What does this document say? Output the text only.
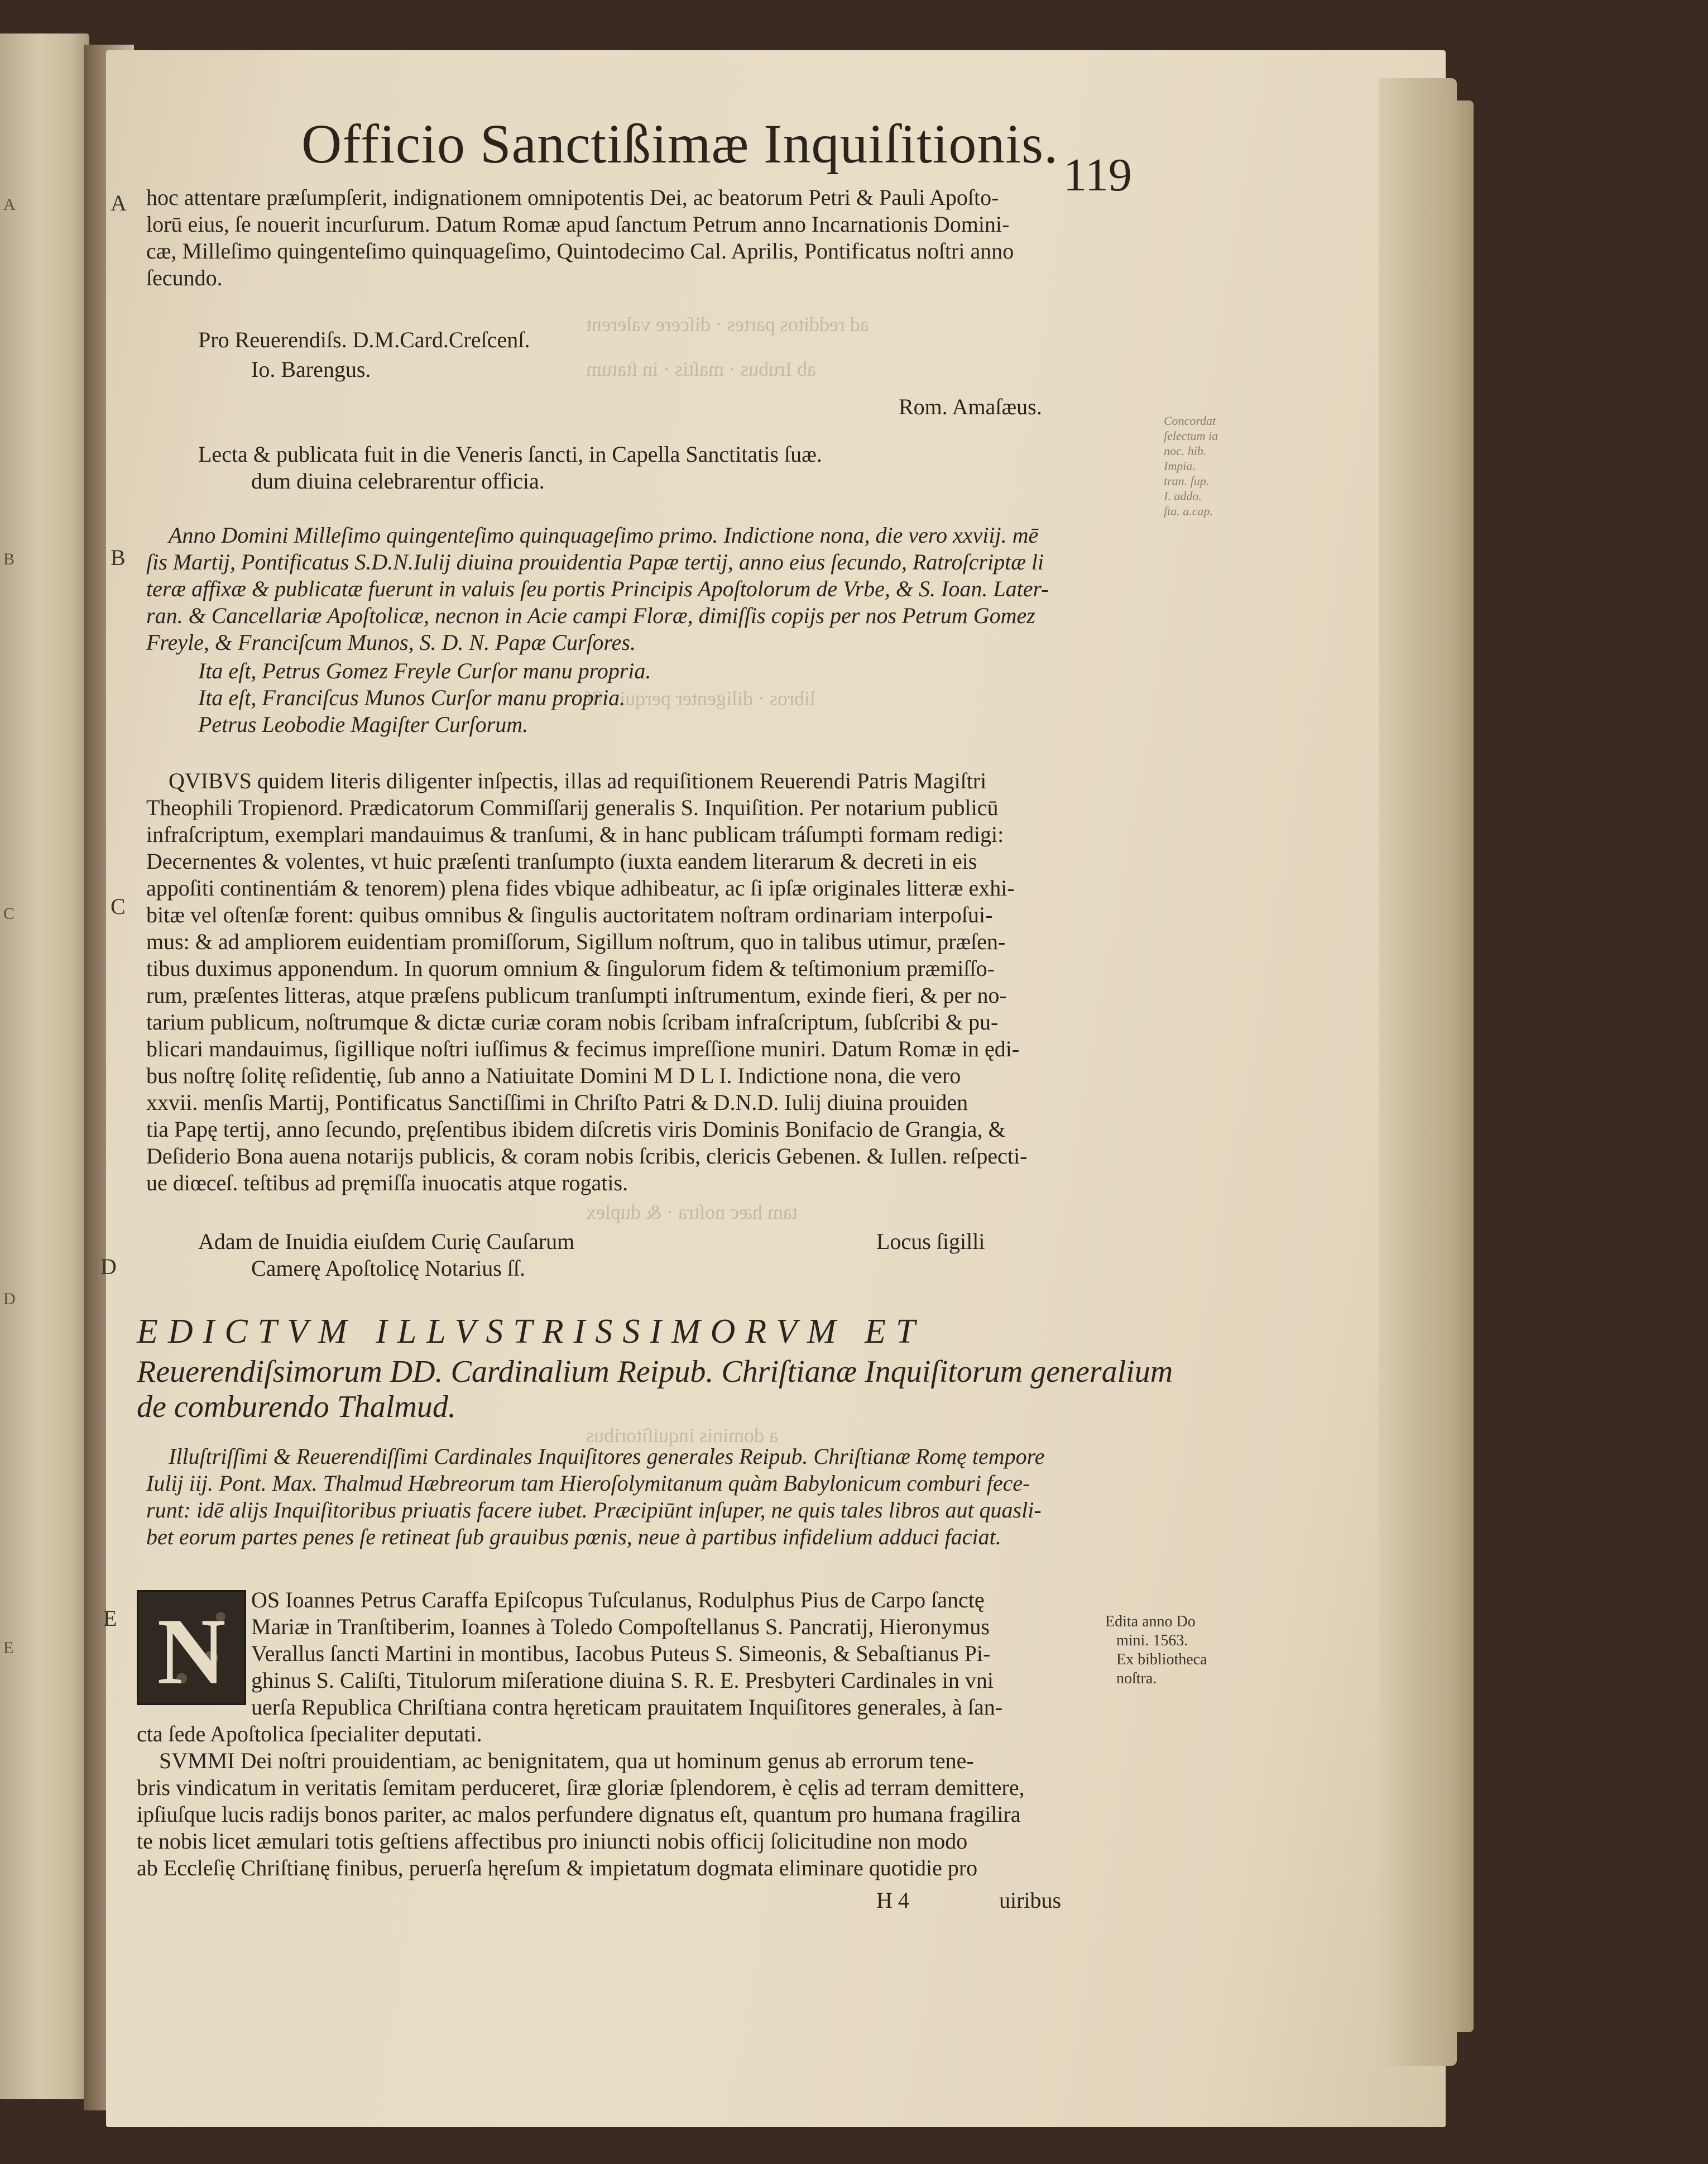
A
B
C
D
E
ad redditos partes · diſcere valerent
ab Irubus · maſtis · in ſtatum
libros · diligenter perqui · ſiſ
tam hæc noſtra · & duplex
a dominis inquiſitoribus
Concordat
ſelectum ia
noc. hib.
Impia.
tran. ſup.
I. addo.
ſta. a.cap.
Officio Sanctißimæ Inquiſitionis.
119
A
B
C
D
E
hoc attentare præſumpſerit, indignationem omnipotentis Dei, ac beatorum Petri & Pauli Apoſto-
lorū eius, ſe nouerit incurſurum. Datum Romæ apud ſanctum Petrum anno Incarnationis Domini-
cæ, Milleſimo quingenteſimo quinquageſimo, Quintodecimo Cal. Aprilis, Pontificatus noſtri anno
ſecundo.
Pro Reuerendiſs. D.M.Card.Creſcenſ.
Io. Barengus.
Rom. Amaſæus.
Lecta & publicata fuit in die Veneris ſancti, in Capella Sanctitatis ſuæ.
dum diuina celebrarentur officia.
Anno Domini Milleſimo quingenteſimo quinquageſimo primo. Indictione nona, die vero xxviij. mē
ſis Martij, Pontificatus S.D.N.Iulij diuina prouidentia Papæ tertij, anno eius ſecundo, Ratroſcriptæ li
teræ affixæ & publicatæ fuerunt in valuis ſeu portis Principis Apoſtolorum de Vrbe, & S. Ioan. Later-
ran. & Cancellariæ Apoſtolicæ, necnon in Acie campi Floræ, dimiſſis copijs per nos Petrum Gomez
Freyle, & Franciſcum Munos, S. D. N. Papæ Curſores.
Ita eſt, Petrus Gomez Freyle Curſor manu propria.
Ita eſt, Franciſcus Munos Curſor manu propria.
Petrus Leobodie Magiſter Curſorum.
QVIBVS quidem literis diligenter inſpectis, illas ad requiſitionem Reuerendi Patris Magiſtri
Theophili Tropienord. Prædicatorum Commiſſarij generalis S. Inquiſition. Per notarium publicū
infraſcriptum, exemplari mandauimus & tranſumi, & in hanc publicam tráſumpti formam redigi:
Decernentes & volentes, vt huic præſenti tranſumpto (iuxta eandem literarum & decreti in eis
appoſiti continentiám & tenorem) plena fides vbique adhibeatur, ac ſi ipſæ originales litteræ exhi-
bitæ vel oſtenſæ forent: quibus omnibus & ſingulis auctoritatem noſtram ordinariam interpoſui-
mus: & ad ampliorem euidentiam promiſſorum, Sigillum noſtrum, quo in talibus utimur, præſen-
tibus duximus apponendum. In quorum omnium & ſingulorum fidem & teſtimonium præmiſſo-
rum, præſentes litteras, atque præſens publicum tranſumpti inſtrumentum, exinde fieri, & per no-
tarium publicum, noſtrumque & dictæ curiæ coram nobis ſcribam infraſcriptum, ſubſcribi & pu-
blicari mandauimus, ſigillique noſtri iuſſimus & fecimus impreſſione muniri. Datum Romæ in ędi-
bus noſtrę ſolitę reſidentię, ſub anno a Natiuitate Domini M D L I. Indictione nona, die vero
xxvii. menſis Martij, Pontificatus Sanctiſſimi in Chriſto Patri & D.N.D. Iulij diuina prouiden
tia Papę tertij, anno ſecundo, pręſentibus ibidem diſcretis viris Dominis Bonifacio de Grangia, &
Deſiderio Bona auena notarijs publicis, & coram nobis ſcribis, clericis Gebenen. & Iullen. reſpecti-
ue diœceſ. teſtibus ad pręmiſſa inuocatis atque rogatis.
Adam de Inuidia eiuſdem Curię Cauſarum
Camerę Apoſtolicę Notarius ſſ.
Locus ſigilli
EDICTVM ILLVSTRISSIMORVM ET
Reuerendiſsimorum DD. Cardinalium Reipub. Chriſtianæ Inquiſitorum generalium
de comburendo Thalmud.
Illuſtriſſimi & Reuerendiſſimi Cardinales Inquiſitores generales Reipub. Chriſtianæ Romę tempore
Iulij iij. Pont. Max. Thalmud Hæbreorum tam Hieroſolymitanum quàm Babylonicum comburi fece-
runt: idē alijs Inquiſitoribus priuatis facere iubet. Præcipiūnt inſuper, ne quis tales libros aut quasli-
bet eorum partes penes ſe retineat ſub grauibus pœnis, neue à partibus infidelium adduci faciat.
N	OS Ioannes Petrus Caraffa Epiſcopus Tuſculanus, Rodulphus Pius de Carpo ſanctę
Mariæ in Tranſtiberim, Ioannes à Toledo Compoſtellanus S. Pancratij, Hieronymus
Verallus ſancti Martini in montibus, Iacobus Puteus S. Simeonis, & Sebaſtianus Pi-
ghinus S. Caliſti, Titulorum miſeratione diuina S. R. E. Presbyteri Cardinales in vni
uerſa Republica Chriſtiana contra hęreticam prauitatem Inquiſitores generales, à ſan-
cta ſede Apoſtolica ſpecialiter deputati.
SVMMI Dei noſtri prouidentiam, ac benignitatem, qua ut hominum genus ab errorum tene-
bris vindicatum in veritatis ſemitam perduceret, ſiræ gloriæ ſplendorem, è cęlis ad terram demittere,
ipſiuſque lucis radijs bonos pariter, ac malos perfundere dignatus eſt, quantum pro humana fragilira
te nobis licet æmulari totis geſtiens affectibus pro iniuncti nobis officij ſolicitudine non modo
ab Eccleſię Chriſtianę finibus, peruerſa hęreſum & impietatum dogmata eliminare quotidie pro
Edita anno Do
mini. 1563.
Ex bibliotheca
noſtra.
H 4	uiribus
